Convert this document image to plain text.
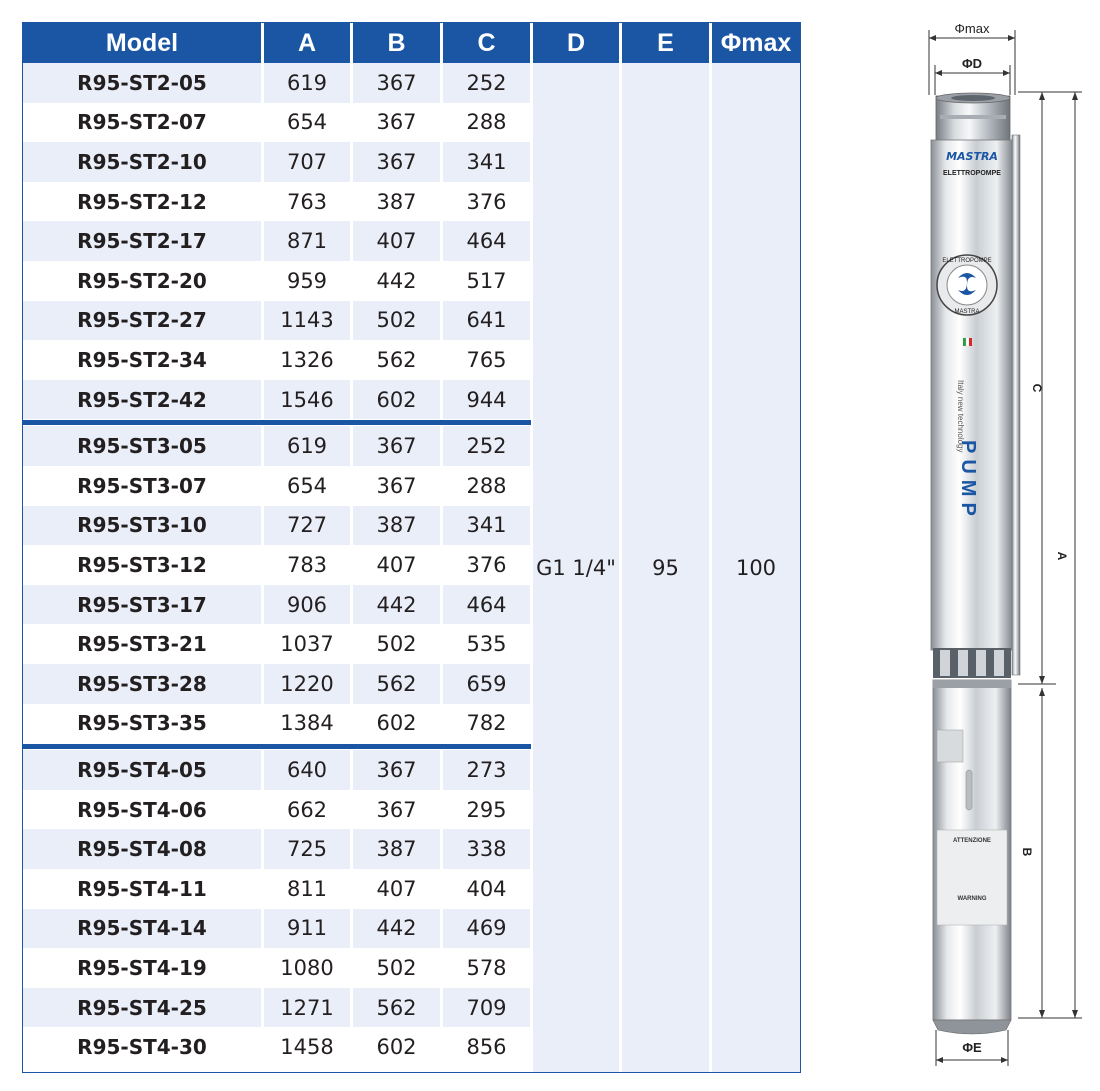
Model	A	B	C	D	E	Φmax
R95-ST2-05	619	367	252
R95-ST2-07	654	367	288
R95-ST2-10	707	367	341
R95-ST2-12	763	387	376
R95-ST2-17	871	407	464
R95-ST2-20	959	442	517
R95-ST2-27	1143	502	641
R95-ST2-34	1326	562	765
R95-ST2-42	1546	602	944
R95-ST3-05	619	367	252
R95-ST3-07	654	367	288
R95-ST3-10	727	387	341
R95-ST3-12	783	407	376
R95-ST3-17	906	442	464
R95-ST3-21	1037	502	535
R95-ST3-28	1220	562	659
R95-ST3-35	1384	602	782
R95-ST4-05	640	367	273
R95-ST4-06	662	367	295
R95-ST4-08	725	387	338
R95-ST4-11	811	407	404
R95-ST4-14	911	442	469
R95-ST4-19	1080	502	578
R95-ST4-25	1271	562	709
R95-ST4-30	1458	602	856
G1 1/4"	95	100
Φmax
ΦD
MASTRA
ELETTROPOMPE
ELETTROPOMPE
MASTRA
Italy new technology
PUMP
ATTENZIONE
WARNING
A
C
B
ΦE
